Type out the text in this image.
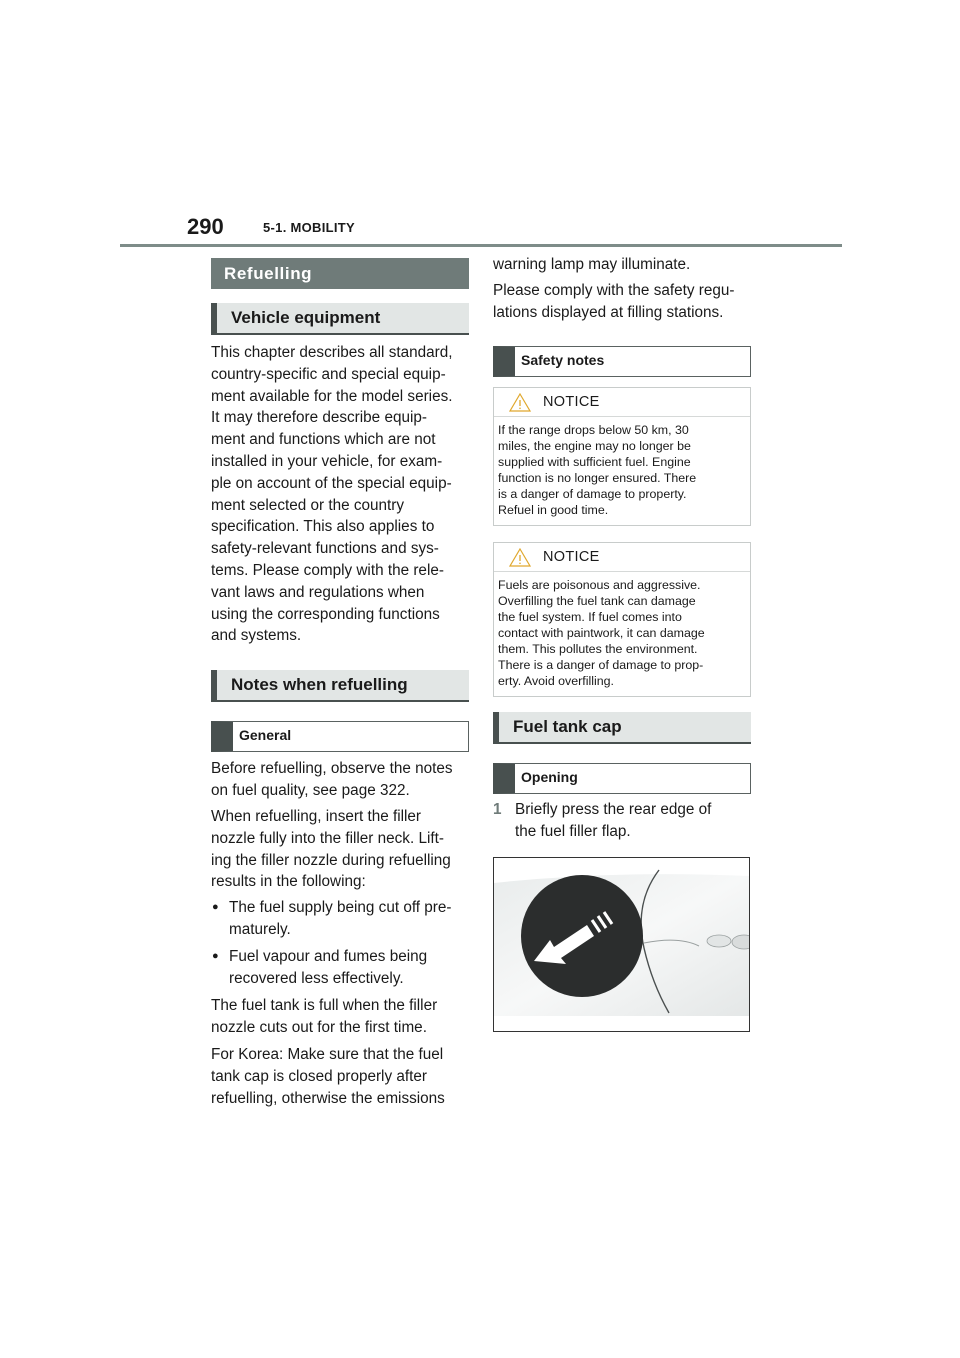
290	5-1. MOBILITY
Refuelling
Vehicle equipment
This chapter describes all standard,
country-specific and special equip-
ment available for the model series.
It may therefore describe equip-
ment and functions which are not
installed in your vehicle, for exam-
ple on account of the special equip-
ment selected or the country
specification. This also applies to
safety-relevant functions and sys-
tems. Please comply with the rele-
vant laws and regulations when
using the corresponding functions
and systems.
Notes when refuelling
General
Before refuelling, observe the notes
on fuel quality, see page 322.
When refuelling, insert the filler
nozzle fully into the filler neck. Lift-
ing the filler nozzle during refuelling
results in the following:
● The fuel supply being cut off pre-
maturely.
● Fuel vapour and fumes being
recovered less effectively.
The fuel tank is full when the filler
nozzle cuts out for the first time.
For Korea: Make sure that the fuel
tank cap is closed properly after
refuelling, otherwise the emissions
warning lamp may illuminate.
Please comply with the safety regu-
lations displayed at filling stations.
Safety notes
NOTICE
If the range drops below 50 km, 30
miles, the engine may no longer be
supplied with sufficient fuel. Engine
function is no longer ensured. There
is a danger of damage to property.
Refuel in good time.
NOTICE
Fuels are poisonous and aggressive.
Overfilling the fuel tank can damage
the fuel system. If fuel comes into
contact with paintwork, it can damage
them. This pollutes the environment.
There is a danger of damage to prop-
erty. Avoid overfilling.
Fuel tank cap
Opening
1 Briefly press the rear edge of
the fuel filler flap.
